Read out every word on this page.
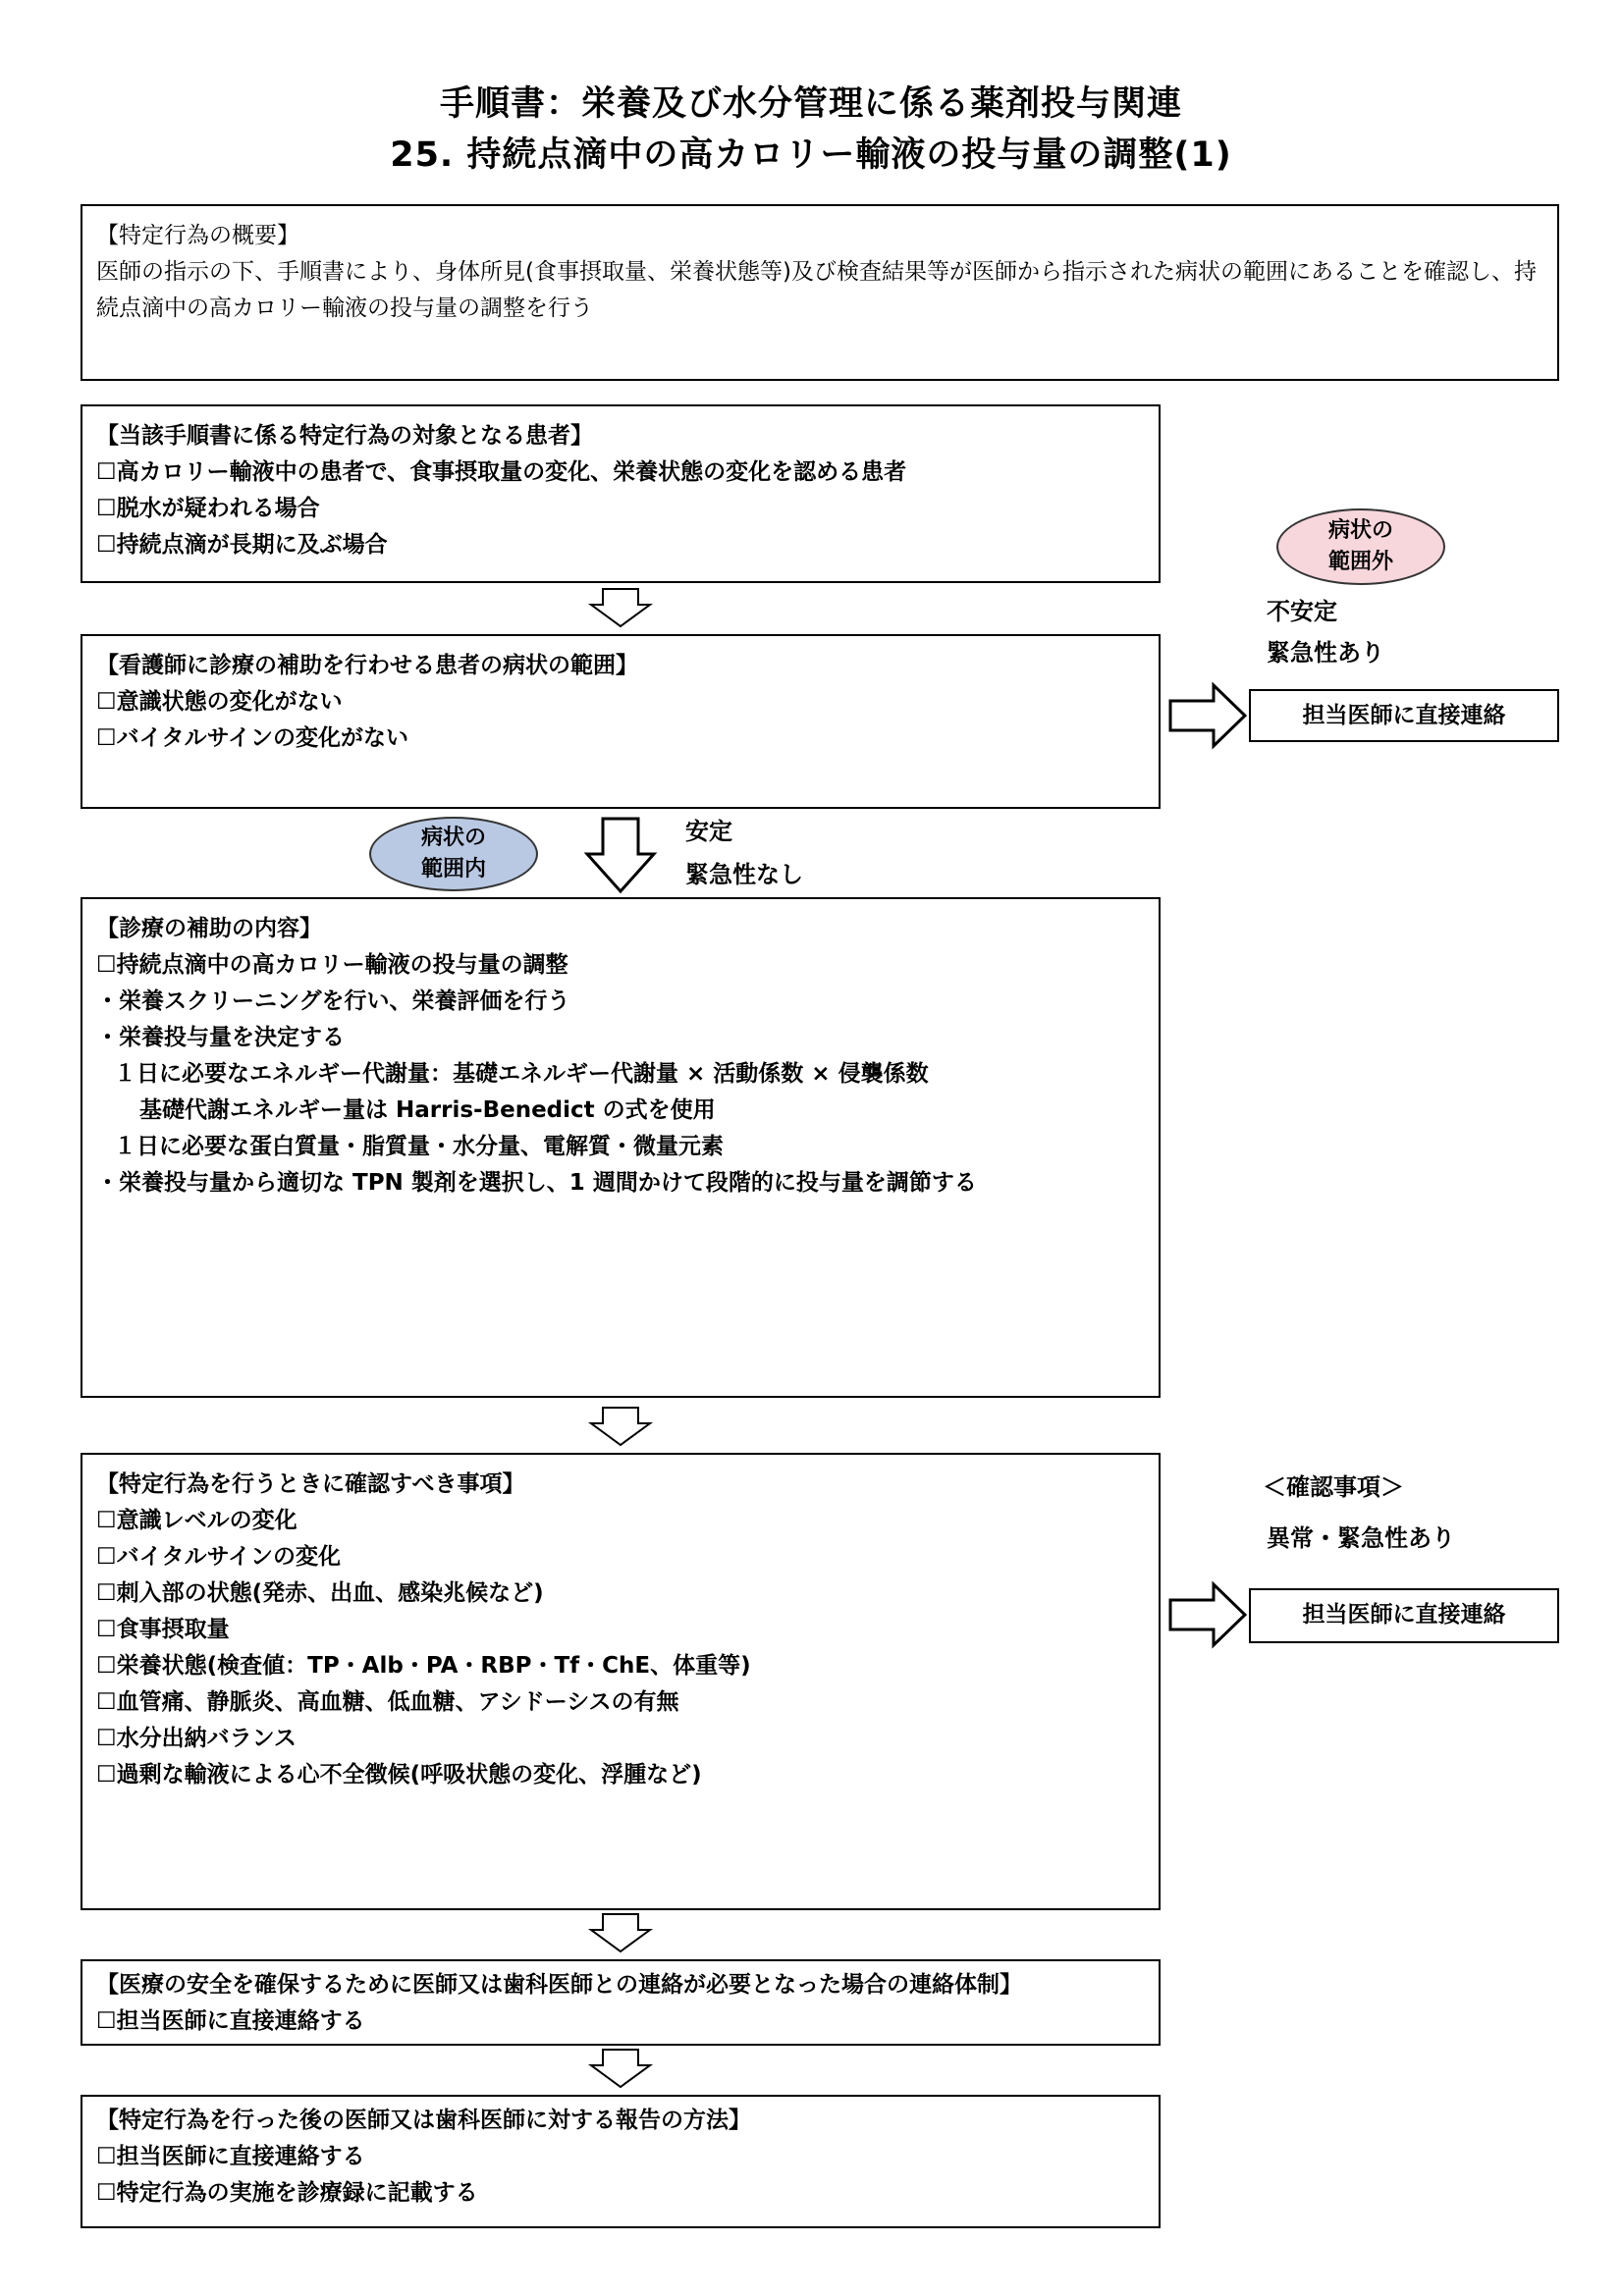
手順書：栄養及び水分管理に係る薬剤投与関連
25. 持続点滴中の高カロリー輸液の投与量の調整(1)
【特定行為の概要】
医師の指示の下、手順書により、身体所見(食事摂取量、栄養状態等)及び検査結果等が医師から指示された病状の範囲にあることを確認し、持続点滴中の高カロリー輸液の投与量の調整を行う
【当該手順書に係る特定行為の対象となる患者】
☐高カロリー輸液中の患者で、食事摂取量の変化、栄養状態の変化を認める患者
☐脱水が疑われる場合
☐持続点滴が長期に及ぶ場合
【看護師に診療の補助を行わせる患者の病状の範囲】
☐意識状態の変化がない
☐バイタルサインの変化がない
病状の
範囲外
不安定
緊急性あり
担当医師に直接連絡
病状の
範囲内
安定
緊急性なし
【診療の補助の内容】
☐持続点滴中の高カロリー輸液の投与量の調整
・栄養スクリーニングを行い、栄養評価を行う
・栄養投与量を決定する
１日に必要なエネルギー代謝量：基礎エネルギー代謝量 × 活動係数 × 侵襲係数
基礎代謝エネルギー量は Harris-Benedict の式を使用
１日に必要な蛋白質量・脂質量・水分量、電解質・微量元素
・栄養投与量から適切な TPN 製剤を選択し、1 週間かけて段階的に投与量を調節する
【特定行為を行うときに確認すべき事項】
☐意識レベルの変化
☐バイタルサインの変化
☐刺入部の状態(発赤、出血、感染兆候など)
☐食事摂取量
☐栄養状態(検査値：TP・Alb・PA・RBP・Tf・ChE、体重等)
☐血管痛、静脈炎、高血糖、低血糖、アシドーシスの有無
☐水分出納バランス
☐過剰な輸液による心不全徴候(呼吸状態の変化、浮腫など)
＜確認事項＞
異常・緊急性あり
担当医師に直接連絡
【医療の安全を確保するために医師又は歯科医師との連絡が必要となった場合の連絡体制】
☐担当医師に直接連絡する
【特定行為を行った後の医師又は歯科医師に対する報告の方法】
☐担当医師に直接連絡する
☐特定行為の実施を診療録に記載する
